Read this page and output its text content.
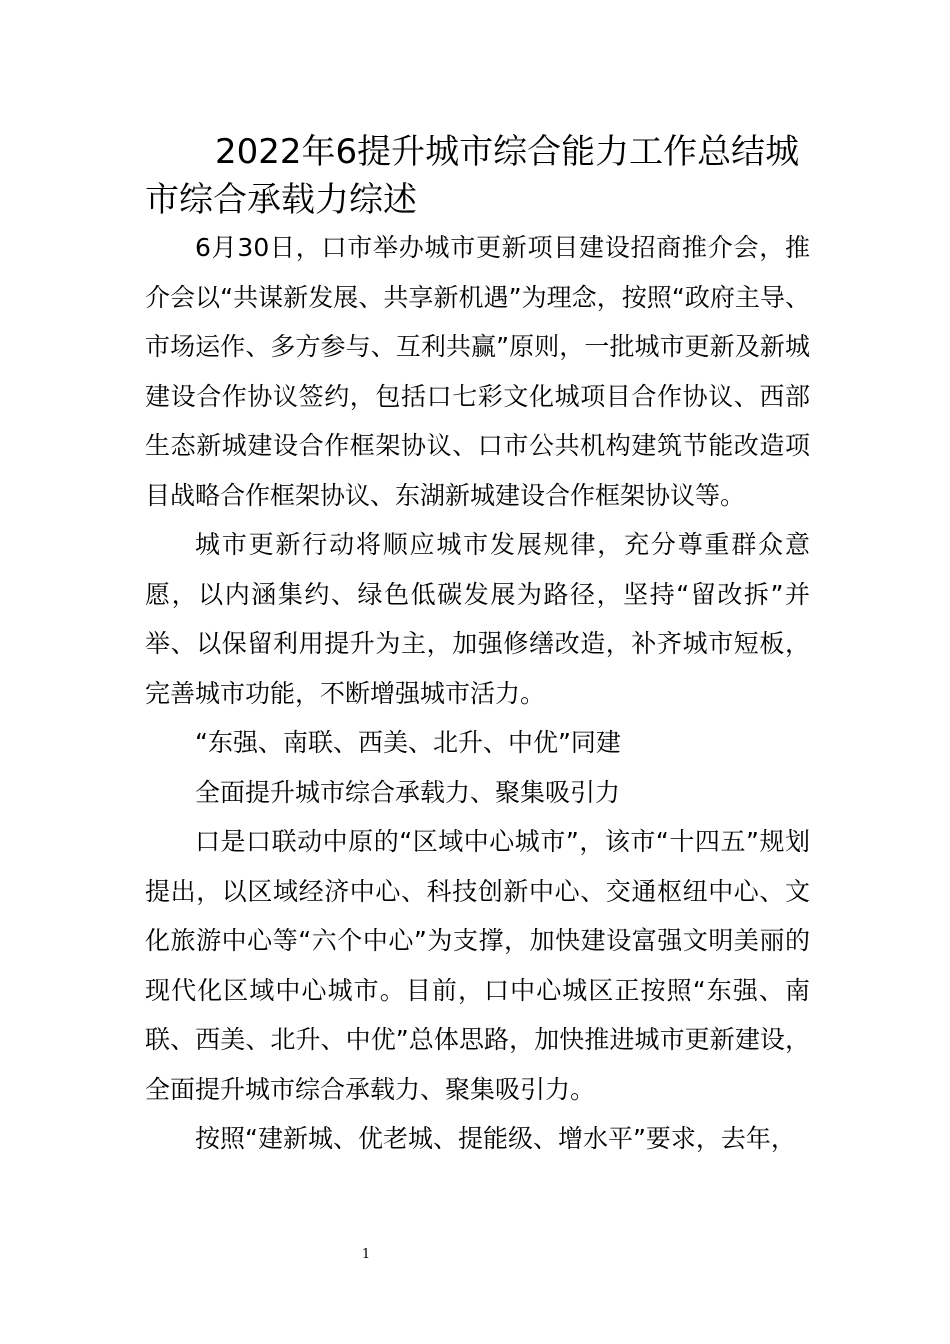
2022年6提升城市综合能力工作总结城市综合承载力综述

6月30日，口市举办城市更新项目建设招商推介会，推介会以“共谋新发展、共享新机遇”为理念，按照“政府主导、市场运作、多方参与、互利共赢”原则，一批城市更新及新城建设合作协议签约，包括口七彩文化城项目合作协议、西部生态新城建设合作框架协议、口市公共机构建筑节能改造项目战略合作框架协议、东湖新城建设合作框架协议等。

城市更新行动将顺应城市发展规律，充分尊重群众意愿，以内涵集约、绿色低碳发展为路径，坚持“留改拆”并举、以保留利用提升为主，加强修缮改造，补齐城市短板，完善城市功能，不断增强城市活力。

“东强、南联、西美、北升、中优”同建

全面提升城市综合承载力、聚集吸引力

口是口联动中原的“区域中心城市”，该市“十四五”规划提出，以区域经济中心、科技创新中心、交通枢纽中心、文化旅游中心等“六个中心”为支撑，加快建设富强文明美丽的现代化区域中心城市。目前，口中心城区正按照“东强、南联、西美、北升、中优”总体思路，加快推进城市更新建设，全面提升城市综合承载力、聚集吸引力。

按照“建新城、优老城、提能级、增水平”要求，去年，

1
